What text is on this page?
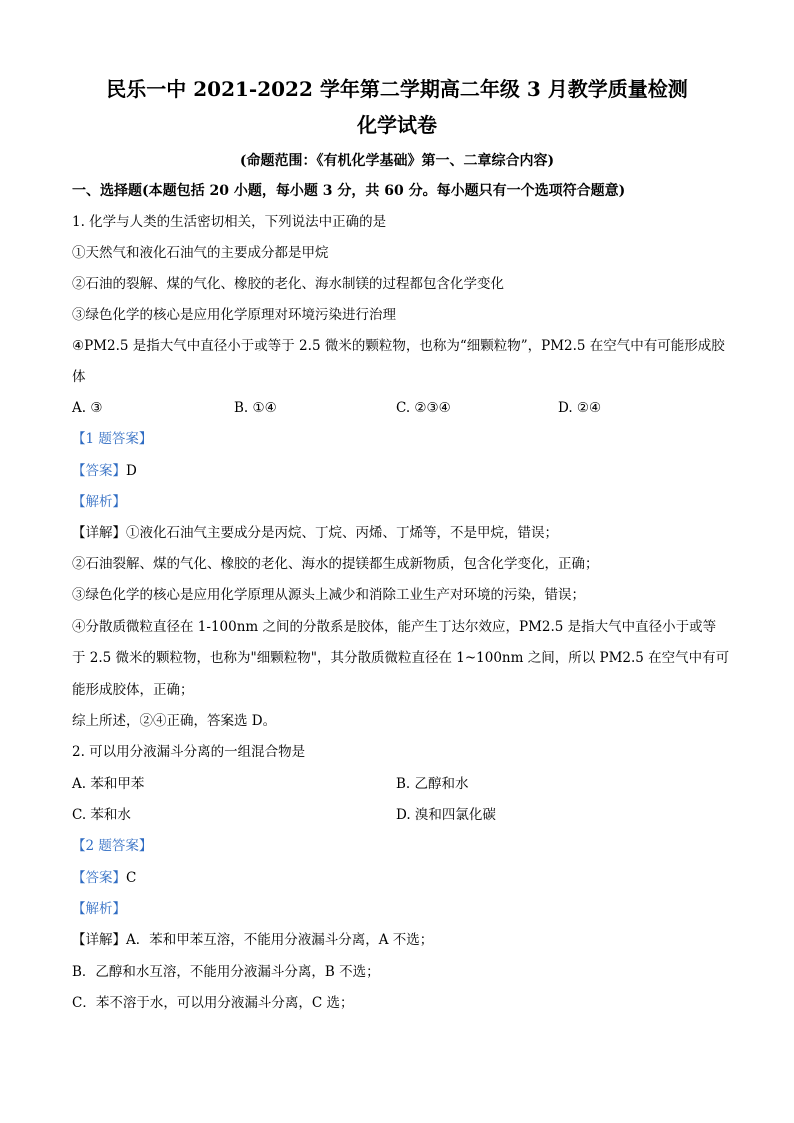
民乐一中 2021-2022 学年第二学期高二年级 3 月教学质量检测
化学试卷
(命题范围：《有机化学基础》第一、二章综合内容)
一、选择题(本题包括 20 小题，每小题 3 分，共 60 分。每小题只有一个选项符合题意)
1. 化学与人类的生活密切相关，下列说法中正确的是
①天然气和液化石油气的主要成分都是甲烷
②石油的裂解、煤的气化、橡胶的老化、海水制镁的过程都包含化学变化
③绿色化学的核心是应用化学原理对环境污染进行治理
④PM2.5 是指大气中直径小于或等于 2.5 微米的颗粒物，也称为“细颗粒物”，PM2.5 在空气中有可能形成胶
体
A. ③	B. ①④	C. ②③④	D. ②④
【1 题答案】
【答案】D
【解析】
【详解】①液化石油气主要成分是丙烷、丁烷、丙烯、丁烯等，不是甲烷，错误；
②石油裂解、煤的气化、橡胶的老化、海水的提镁都生成新物质，包含化学变化，正确；
③绿色化学的核心是应用化学原理从源头上减少和消除工业生产对环境的污染，错误；
④分散质微粒直径在 1-100nm 之间的分散系是胶体，能产生丁达尔效应，PM2.5 是指大气中直径小于或等
于 2.5 微米的颗粒物，也称为"细颗粒物"，其分散质微粒直径在 1~100nm 之间，所以 PM2.5 在空气中有可
能形成胶体，正确；
综上所述，②④正确，答案选 D。
2. 可以用分液漏斗分离的一组混合物是
A. 苯和甲苯	B. 乙醇和水
C. 苯和水	D. 溴和四氯化碳
【2 题答案】
【答案】C
【解析】
【详解】A．苯和甲苯互溶，不能用分液漏斗分离，A 不选；
B．乙醇和水互溶，不能用分液漏斗分离，B 不选；
C．苯不溶于水，可以用分液漏斗分离，C 选；
